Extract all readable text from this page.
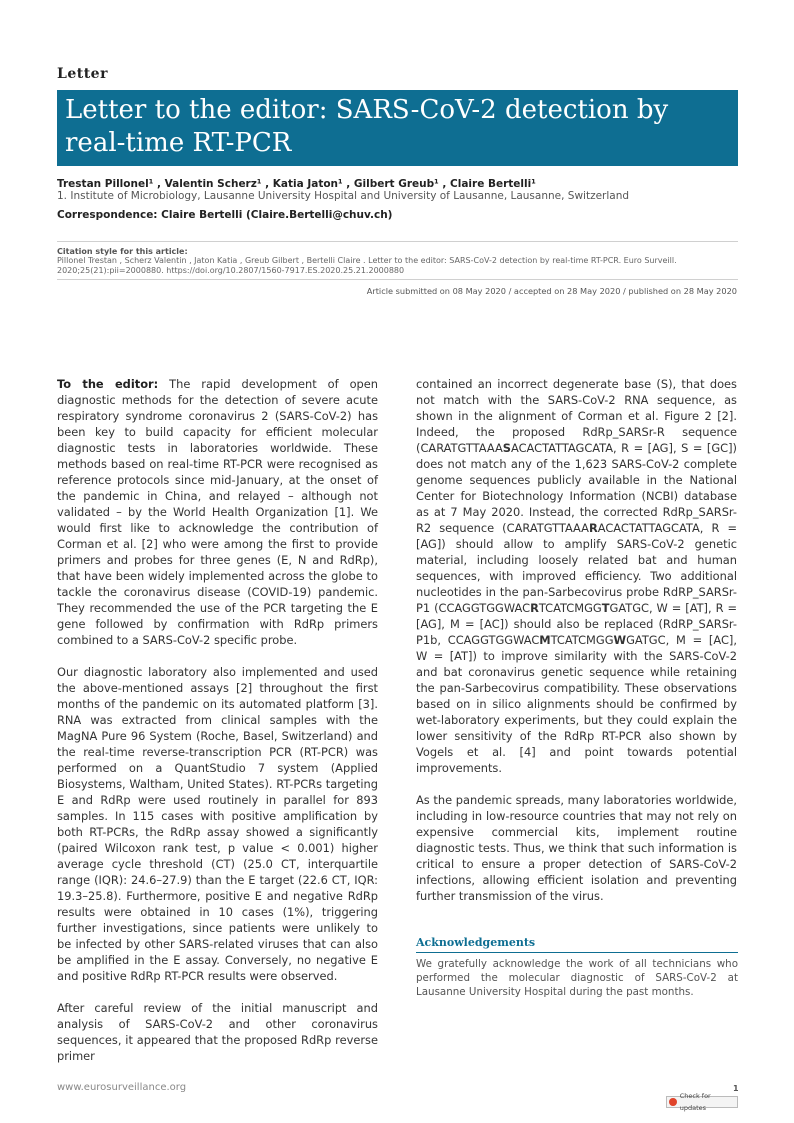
Letter
Letter to the editor: SARS-CoV-2 detection by real-time RT-PCR
Trestan Pillonel¹ , Valentin Scherz¹ , Katia Jaton¹ , Gilbert Greub¹ , Claire Bertelli¹
1. Institute of Microbiology, Lausanne University Hospital and University of Lausanne, Lausanne, Switzerland
Correspondence: Claire Bertelli (Claire.Bertelli@chuv.ch)
Citation style for this article:
Pillonel Trestan , Scherz Valentin , Jaton Katia , Greub Gilbert , Bertelli Claire . Letter to the editor: SARS-CoV-2 detection by real-time RT-PCR. Euro Surveill. 2020;25(21):pii=2000880. https://doi.org/10.2807/1560-7917.ES.2020.25.21.2000880
Article submitted on 08 May 2020 / accepted on 28 May 2020 / published on 28 May 2020

To the editor: The rapid development of open diagnostic methods for the detection of severe acute respiratory syndrome coronavirus 2 (SARS-CoV-2) has been key to build capacity for efficient molecular diagnostic tests in laboratories worldwide. These methods based on real-time RT-PCR were recognised as reference protocols since mid-January, at the onset of the pandemic in China, and relayed – although not validated – by the World Health Organization [1]. We would first like to acknowledge the contribution of Corman et al. [2] who were among the first to provide primers and probes for three genes (E, N and RdRp), that have been widely implemented across the globe to tackle the coronavirus disease (COVID-19) pandemic. They recommended the use of the PCR targeting the E gene followed by confirmation with RdRp primers combined to a SARS-CoV-2 specific probe.

Our diagnostic laboratory also implemented and used the above-mentioned assays [2] throughout the first months of the pandemic on its automated platform [3]. RNA was extracted from clinical samples with the MagNA Pure 96 System (Roche, Basel, Switzerland) and the real-time reverse-transcription PCR (RT-PCR) was performed on a QuantStudio 7 system (Applied Biosystems, Waltham, United States). RT-PCRs targeting E and RdRp were used routinely in parallel for 893 samples. In 115 cases with positive amplification by both RT-PCRs, the RdRp assay showed a significantly (paired Wilcoxon rank test, p value < 0.001) higher average cycle threshold (CT) (25.0 CT, interquartile range (IQR): 24.6–27.9) than the E target (22.6 CT, IQR: 19.3–25.8). Furthermore, positive E and negative RdRp results were obtained in 10 cases (1%), triggering further investigations, since patients were unlikely to be infected by other SARS-related viruses that can also be amplified in the E assay. Conversely, no negative E and positive RdRp RT-PCR results were observed.

After careful review of the initial manuscript and analysis of SARS-CoV-2 and other coronavirus sequences, it appeared that the proposed RdRp reverse primer

contained an incorrect degenerate base (S), that does not match with the SARS-CoV-2 RNA sequence, as shown in the alignment of Corman et al. Figure 2 [2]. Indeed, the proposed RdRp_SARSr-R sequence (CARATGTTAAASACACTATTAGCATA, R = [AG], S = [GC]) does not match any of the 1,623 SARS-CoV-2 complete genome sequences publicly available in the National Center for Biotechnology Information (NCBI) database as at 7 May 2020. Instead, the corrected RdRp_SARSr-R2 sequence (CARATGTTAAARACACTATTAGCATA, R = [AG]) should allow to amplify SARS-CoV-2 genetic material, including loosely related bat and human sequences, with improved efficiency. Two additional nucleotides in the pan-Sarbecovirus probe RdRP_SARSr-P1 (CCAGGTGGWACRTCATCMGGTGATGC, W = [AT], R = [AG], M = [AC]) should also be replaced (RdRP_SARSr-P1b, CCAGGTGGWACMTCATCMGGWGATGC, M = [AC], W = [AT]) to improve similarity with the SARS-CoV-2 and bat coronavirus genetic sequence while retaining the pan-Sarbecovirus compatibility. These observations based on in silico alignments should be confirmed by wet-laboratory experiments, but they could explain the lower sensitivity of the RdRp RT-PCR also shown by Vogels et al. [4] and point towards potential improvements.

As the pandemic spreads, many laboratories worldwide, including in low-resource countries that may not rely on expensive commercial kits, implement routine diagnostic tests. Thus, we think that such information is critical to ensure a proper detection of SARS-CoV-2 infections, allowing efficient isolation and preventing further transmission of the virus.

Acknowledgements
We gratefully acknowledge the work of all technicians who performed the molecular diagnostic of SARS-CoV-2 at Lausanne University Hospital during the past months.
www.eurosurveillance.org	1
Check for updates
